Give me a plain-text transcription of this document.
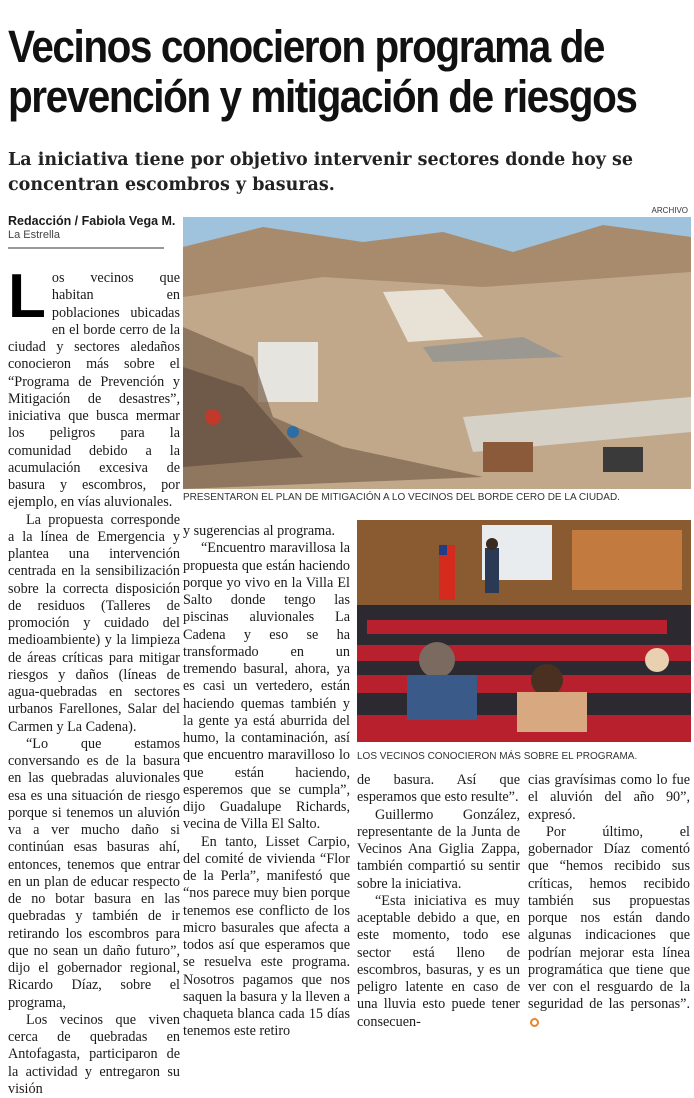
Vecinos conocieron programa de
prevención y mitigación de riesgos
La iniciativa tiene por objetivo intervenir sectores donde hoy se concentran escombros y basuras.
Redacción / Fabiola Vega M.
La Estrella
ARCHIVO
PRESENTARON EL PLAN DE MITIGACIÓN A LO VECINOS DEL BORDE CERO DE LA CIUDAD.
LOS VECINOS CONOCIERON MÁS SOBRE EL PROGRAMA.

Los vecinos que habitan en poblaciones ubicadas en el borde cerro de la ciudad y sectores aledaños conocieron más sobre el “Programa de Prevención y Mitigación de desastres”, iniciativa que busca mermar los peligros para la comunidad debido a la acumulación excesiva de basura y escombros, por ejemplo, en vías aluvionales.

La propuesta corresponde a la línea de Emergencia y plantea una intervención centrada en la sensibilización sobre la correcta disposición de residuos (Talleres de promoción y cuidado del medioambiente) y la limpieza de áreas críticas para mitigar riesgos y daños (líneas de agua-quebradas en sectores urbanos Farellones, Salar del Carmen y La Cadena).

“Lo que estamos conversando es de la basura en las quebradas aluvionales esa es una situación de riesgo porque si tenemos un aluvión va a ver mucho daño si continúan esas basuras ahí, entonces, tenemos que entrar en un plan de educar respecto de no botar basura en las quebradas y también de ir retirando los escombros para que no sean un daño futuro”, dijo el gobernador regional, Ricardo Díaz, sobre el programa,

Los vecinos que viven cerca de quebradas en Antofagasta, participaron de la actividad y entregaron su visión

y sugerencias al programa.

“Encuentro maravillosa la propuesta que están haciendo porque yo vivo en la Villa El Salto donde tengo las piscinas aluvionales La Cadena y eso se ha transformado en un tremendo basural, ahora, ya es casi un vertedero, están haciendo quemas también y la gente ya está aburrida del humo, la contaminación, así que encuentro maravilloso lo que están haciendo, esperemos que se cumpla”, dijo Guadalupe Richards, vecina de Villa El Salto.

En tanto, Lisset Carpio, del comité de vivienda “Flor de la Perla”, manifestó que “nos parece muy bien porque tenemos ese conflicto de los micro basurales que afecta a todos así que esperamos que se resuelva este programa. Nosotros pagamos que nos saquen la basura y la lleven a chaqueta blanca cada 15 días tenemos este retiro

de basura. Así que esperamos que esto resulte”.

Guillermo González, representante de la Junta de Vecinos Ana Giglia Zappa, también compartió su sentir sobre la iniciativa.

“Esta iniciativa es muy aceptable debido a que, en este momento, todo ese sector está lleno de escombros, basuras, y es un peligro latente en caso de una lluvia esto puede tener consecuen-

cias gravísimas como lo fue el aluvión del año 90”, expresó.

Por último, el gobernador Díaz comentó que “hemos recibido sus críticas, hemos recibido también sus propuestas porque nos están dando algunas indicaciones que podrían mejorar esta línea programática que tiene que ver con el resguardo de la seguridad de las personas”.
